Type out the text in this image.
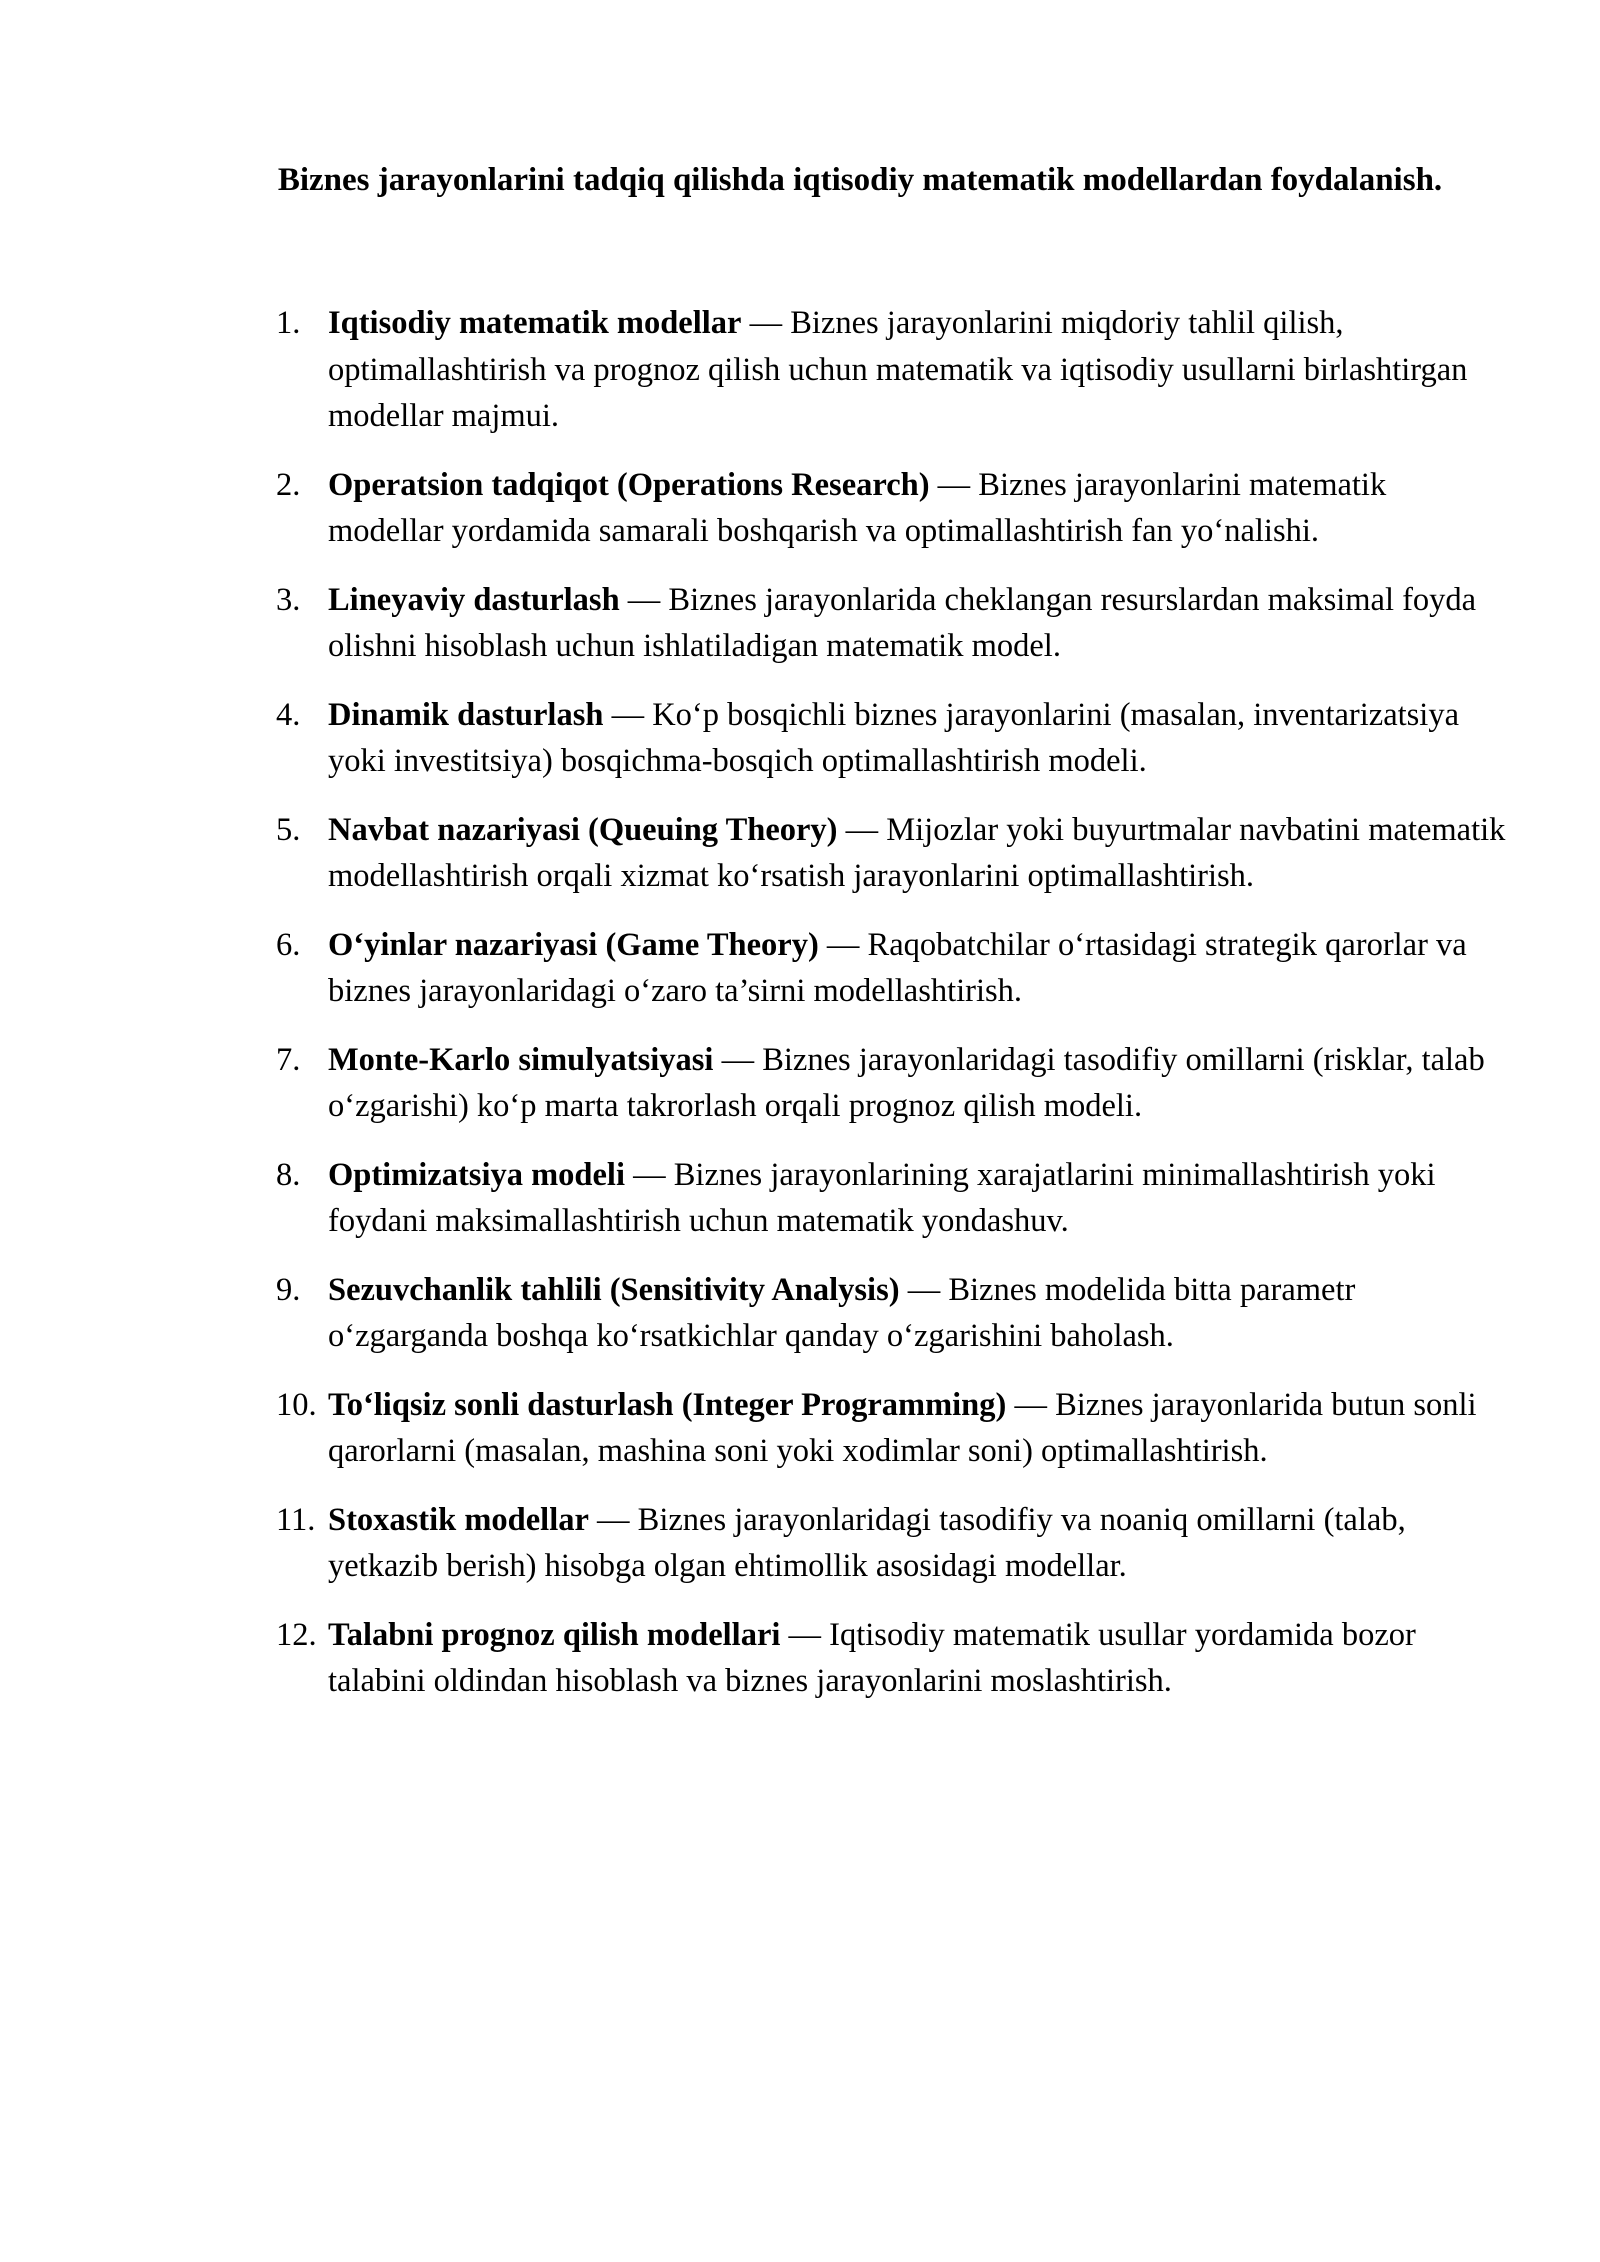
Biznes jarayonlarini tadqiq qilishda iqtisodiy matematik modellardan foydalanish.
1. Iqtisodiy matematik modellar — Biznes jarayonlarini miqdoriy tahlil qilish, optimallashtirish va prognoz qilish uchun matematik va iqtisodiy usullarni birlashtirgan modellar majmui.
2. Operatsion tadqiqot (Operations Research) — Biznes jarayonlarini matematik modellar yordamida samarali boshqarish va optimallashtirish fan yo‘nalishi.
3. Lineyaviy dasturlash — Biznes jarayonlarida cheklangan resurslardan maksimal foyda olishni hisoblash uchun ishlatiladigan matematik model.
4. Dinamik dasturlash — Ko‘p bosqichli biznes jarayonlarini (masalan, inventarizatsiya yoki investitsiya) bosqichma-bosqich optimallashtirish modeli.
5. Navbat nazariyasi (Queuing Theory) — Mijozlar yoki buyurtmalar navbatini matematik modellashtirish orqali xizmat ko‘rsatish jarayonlarini optimallashtirish.
6. O‘yinlar nazariyasi (Game Theory) — Raqobatchilar o‘rtasidagi strategik qarorlar va biznes jarayonlaridagi o‘zaro ta’sirni modellashtirish.
7. Monte-Karlo simulyatsiyasi — Biznes jarayonlaridagi tasodifiy omillarni (risklar, talab o‘zgarishi) ko‘p marta takrorlash orqali prognoz qilish modeli.
8. Optimizatsiya modeli — Biznes jarayonlarining xarajatlarini minimallashtirish yoki foydani maksimallashtirish uchun matematik yondashuv.
9. Sezuvchanlik tahlili (Sensitivity Analysis) — Biznes modelida bitta parametr o‘zgarganda boshqa ko‘rsatkichlar qanday o‘zgarishini baholash.
10. To‘liqsiz sonli dasturlash (Integer Programming) — Biznes jarayonlarida butun sonli qarorlarni (masalan, mashina soni yoki xodimlar soni) optimallashtirish.
11. Stoxastik modellar — Biznes jarayonlaridagi tasodifiy va noaniq omillarni (talab, yetkazib berish) hisobga olgan ehtimollik asosidagi modellar.
12. Talabni prognoz qilish modellari — Iqtisodiy matematik usullar yordamida bozor talabini oldindan hisoblash va biznes jarayonlarini moslashtirish.
